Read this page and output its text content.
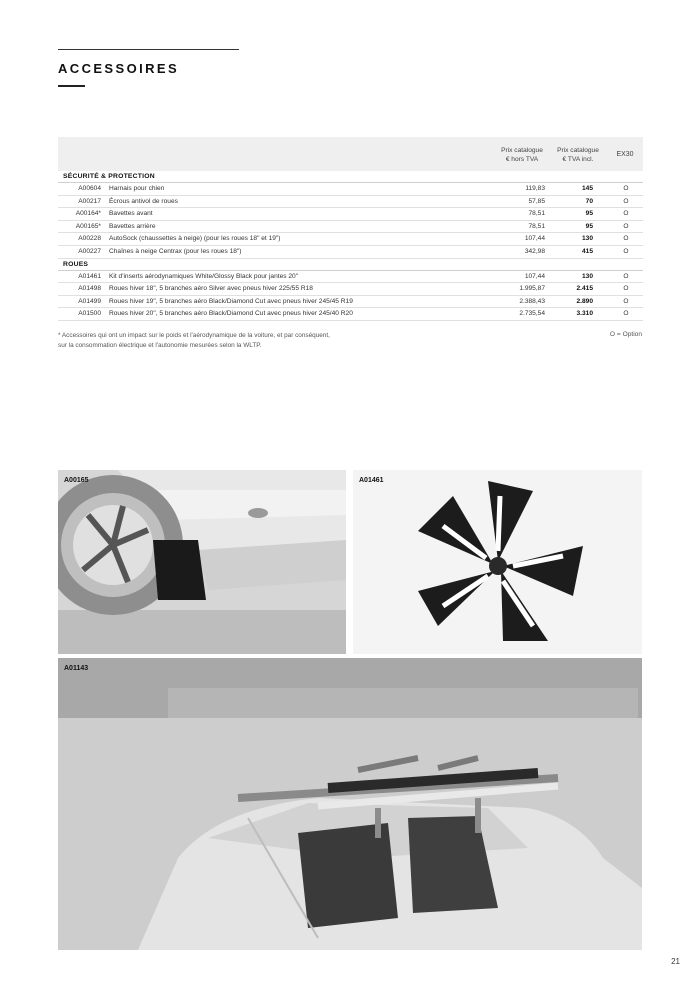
ACCESSOIRES
Prix catalogue
€ hors TVA
Prix catalogue
€ TVA incl.
EX30
SÉCURITÉ & PROTECTION
A00604 Harnais pour chien	119,83	145	O
A00217 Écrous antivol de roues	57,85	70	O
A00164* Bavettes avant	78,51	95	O
A00165* Bavettes arrière	78,51	95	O
A00228 AutoSock (chaussettes à neige) (pour les roues 18" et 19")	107,44	130	O
A00227 Chaînes à neige Centrax (pour les roues 18")	342,98	415	O
ROUES
A01461 Kit d'inserts aérodynamiques White/Glossy Black pour jantes 20"	107,44	130	O
A01498 Roues hiver 18", 5 branches aéro Silver avec pneus hiver 225/55 R18	1.995,87	2.415	O
A01499 Roues hiver 19", 5 branches aéro Black/Diamond Cut avec pneus hiver 245/45 R19	2.388,43	2.890	O
A01500 Roues hiver 20", 5 branches aéro Black/Diamond Cut avec pneus hiver 245/40 R20	2.735,54	3.310	O
* Accessoires qui ont un impact sur le poids et l'aérodynamique de la voiture, et par conséquent,
sur la consommation électrique et l'autonomie mesurées selon la WLTP.
O = Option
A00165	A01461
A01143
21
